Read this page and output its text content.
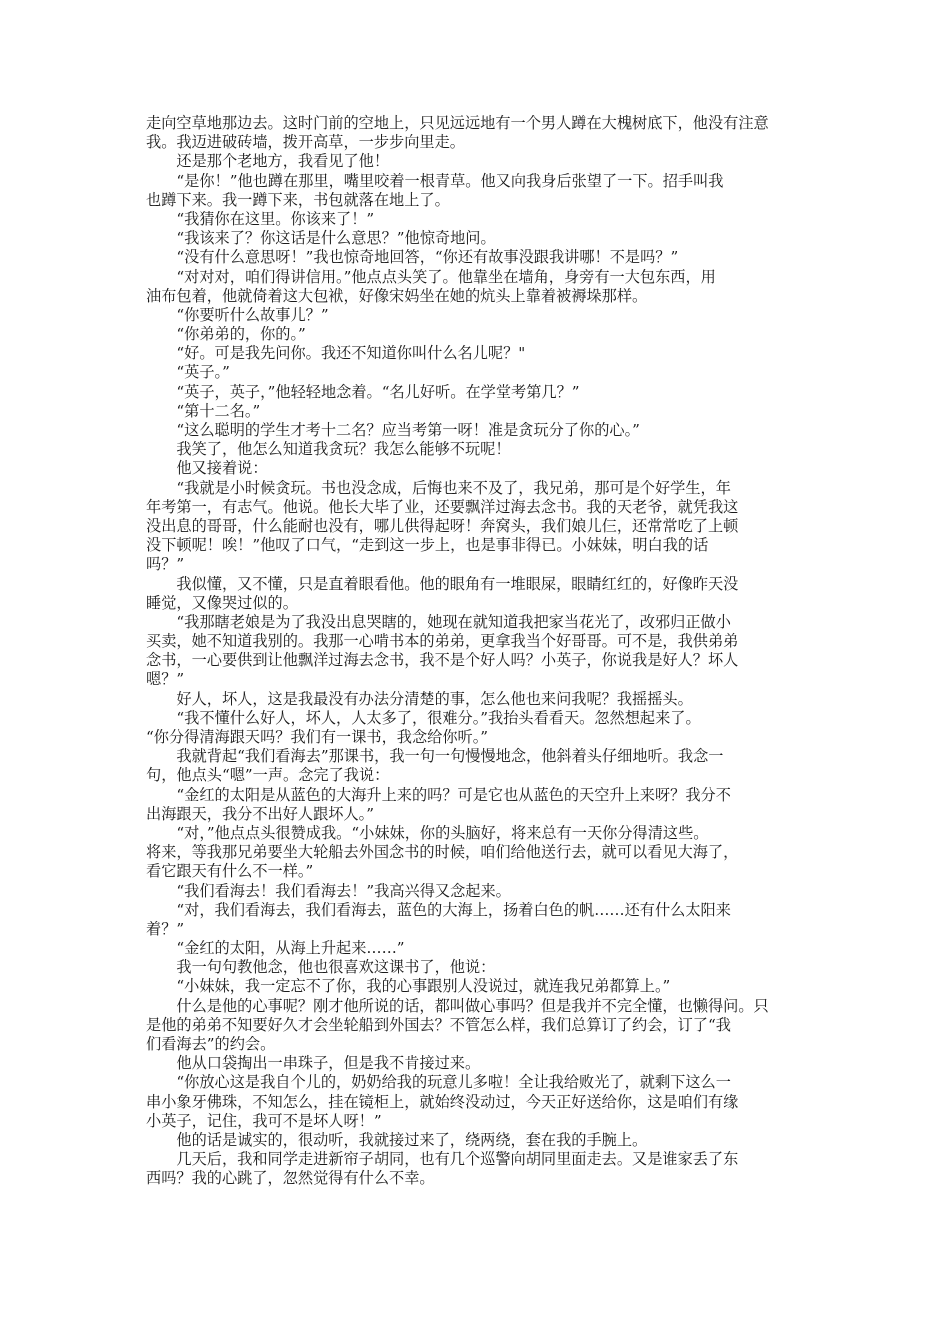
走向空草地那边去。这时门前的空地上，只见远远地有一个男人蹲在大槐树底下，他没有注意
我。我迈进破砖墙，拨开高草，一步步向里走。
　　还是那个老地方，我看见了他！
　　“是你！”他也蹲在那里，嘴里咬着一根青草。他又向我身后张望了一下。招手叫我
也蹲下来。我一蹲下来，书包就落在地上了。
　　“我猜你在这里。你该来了！”
　　“我该来了？你这话是什么意思？”他惊奇地问。
　　“没有什么意思呀！”我也惊奇地回答，“你还有故事没跟我讲哪！不是吗？”
　　“对对对，咱们得讲信用。”他点点头笑了。他靠坐在墙角，身旁有一大包东西，用
油布包着，他就倚着这大包袱，好像宋妈坐在她的炕头上靠着被褥垛那样。
　　“你要听什么故事儿？”
　　“你弟弟的，你的。”
　　“好。可是我先问你。我还不知道你叫什么名儿呢？"
　　“英子。”
　　“英子，英子，”他轻轻地念着。“名儿好听。在学堂考第几？”
　　“第十二名。”
　　“这么聪明的学生才考十二名？应当考第一呀！准是贪玩分了你的心。”
　　我笑了，他怎么知道我贪玩？我怎么能够不玩呢！
　　他又接着说：
　　“我就是小时候贪玩。书也没念成，后悔也来不及了，我兄弟，那可是个好学生，年
年考第一，有志气。他说。他长大毕了业，还要飘洋过海去念书。我的天老爷，就凭我这
没出息的哥哥，什么能耐也没有，哪儿供得起呀！奔窝头，我们娘儿仨，还常常吃了上顿
没下顿呢！唉！”他叹了口气，“走到这一步上，也是事非得已。小妹妹，明白我的话
吗？”
　　我似懂，又不懂，只是直着眼看他。他的眼角有一堆眼屎，眼睛红红的，好像昨天没
睡觉，又像哭过似的。
　　“我那瞎老娘是为了我没出息哭瞎的，她现在就知道我把家当花光了，改邪归正做小
买卖，她不知道我别的。我那一心啃书本的弟弟，更拿我当个好哥哥。可不是，我供弟弟
念书，一心要供到让他飘洋过海去念书，我不是个好人吗？小英子，你说我是好人？坏人
嗯？”
　　好人，坏人，这是我最没有办法分清楚的事，怎么他也来问我呢？我摇摇头。
　　“我不懂什么好人，坏人，人太多了，很难分。”我抬头看看天。忽然想起来了。
“你分得清海跟天吗？我们有一课书，我念给你听。”
　　我就背起“我们看海去”那课书，我一句一句慢慢地念，他斜着头仔细地听。我念一
句，他点头“嗯”一声。念完了我说：
　　“金红的太阳是从蓝色的大海升上来的吗？可是它也从蓝色的天空升上来呀？我分不
出海跟天，我分不出好人跟坏人。”
　　“对，”他点点头很赞成我。“小妹妹，你的头脑好，将来总有一天你分得清这些。
将来，等我那兄弟要坐大轮船去外国念书的时候，咱们给他送行去，就可以看见大海了，
看它跟天有什么不一样。”
　　“我们看海去！我们看海去！”我高兴得又念起来。
　　“对，我们看海去，我们看海去，蓝色的大海上，扬着白色的帆……还有什么太阳来
着？”
　　“金红的太阳，从海上升起来……”
　　我一句句教他念，他也很喜欢这课书了，他说：
　　“小妹妹，我一定忘不了你，我的心事跟别人没说过，就连我兄弟都算上。”
　　什么是他的心事呢？刚才他所说的话，都叫做心事吗？但是我并不完全懂，也懒得问。只
是他的弟弟不知要好久才会坐轮船到外国去？不管怎么样，我们总算订了约会，订了“我
们看海去”的约会。
　　他从口袋掏出一串珠子，但是我不肯接过来。
　　“你放心这是我自个儿的，奶奶给我的玩意儿多啦！全让我给败光了，就剩下这么一
串小象牙佛珠，不知怎么，挂在镜柜上，就始终没动过，今天正好送给你，这是咱们有缘
小英子，记住，我可不是坏人呀！”
　　他的话是诚实的，很动听，我就接过来了，绕两绕，套在我的手腕上。
　　几天后，我和同学走进新帘子胡同，也有几个巡警向胡同里面走去。又是谁家丢了东
西吗？我的心跳了，忽然觉得有什么不幸。
